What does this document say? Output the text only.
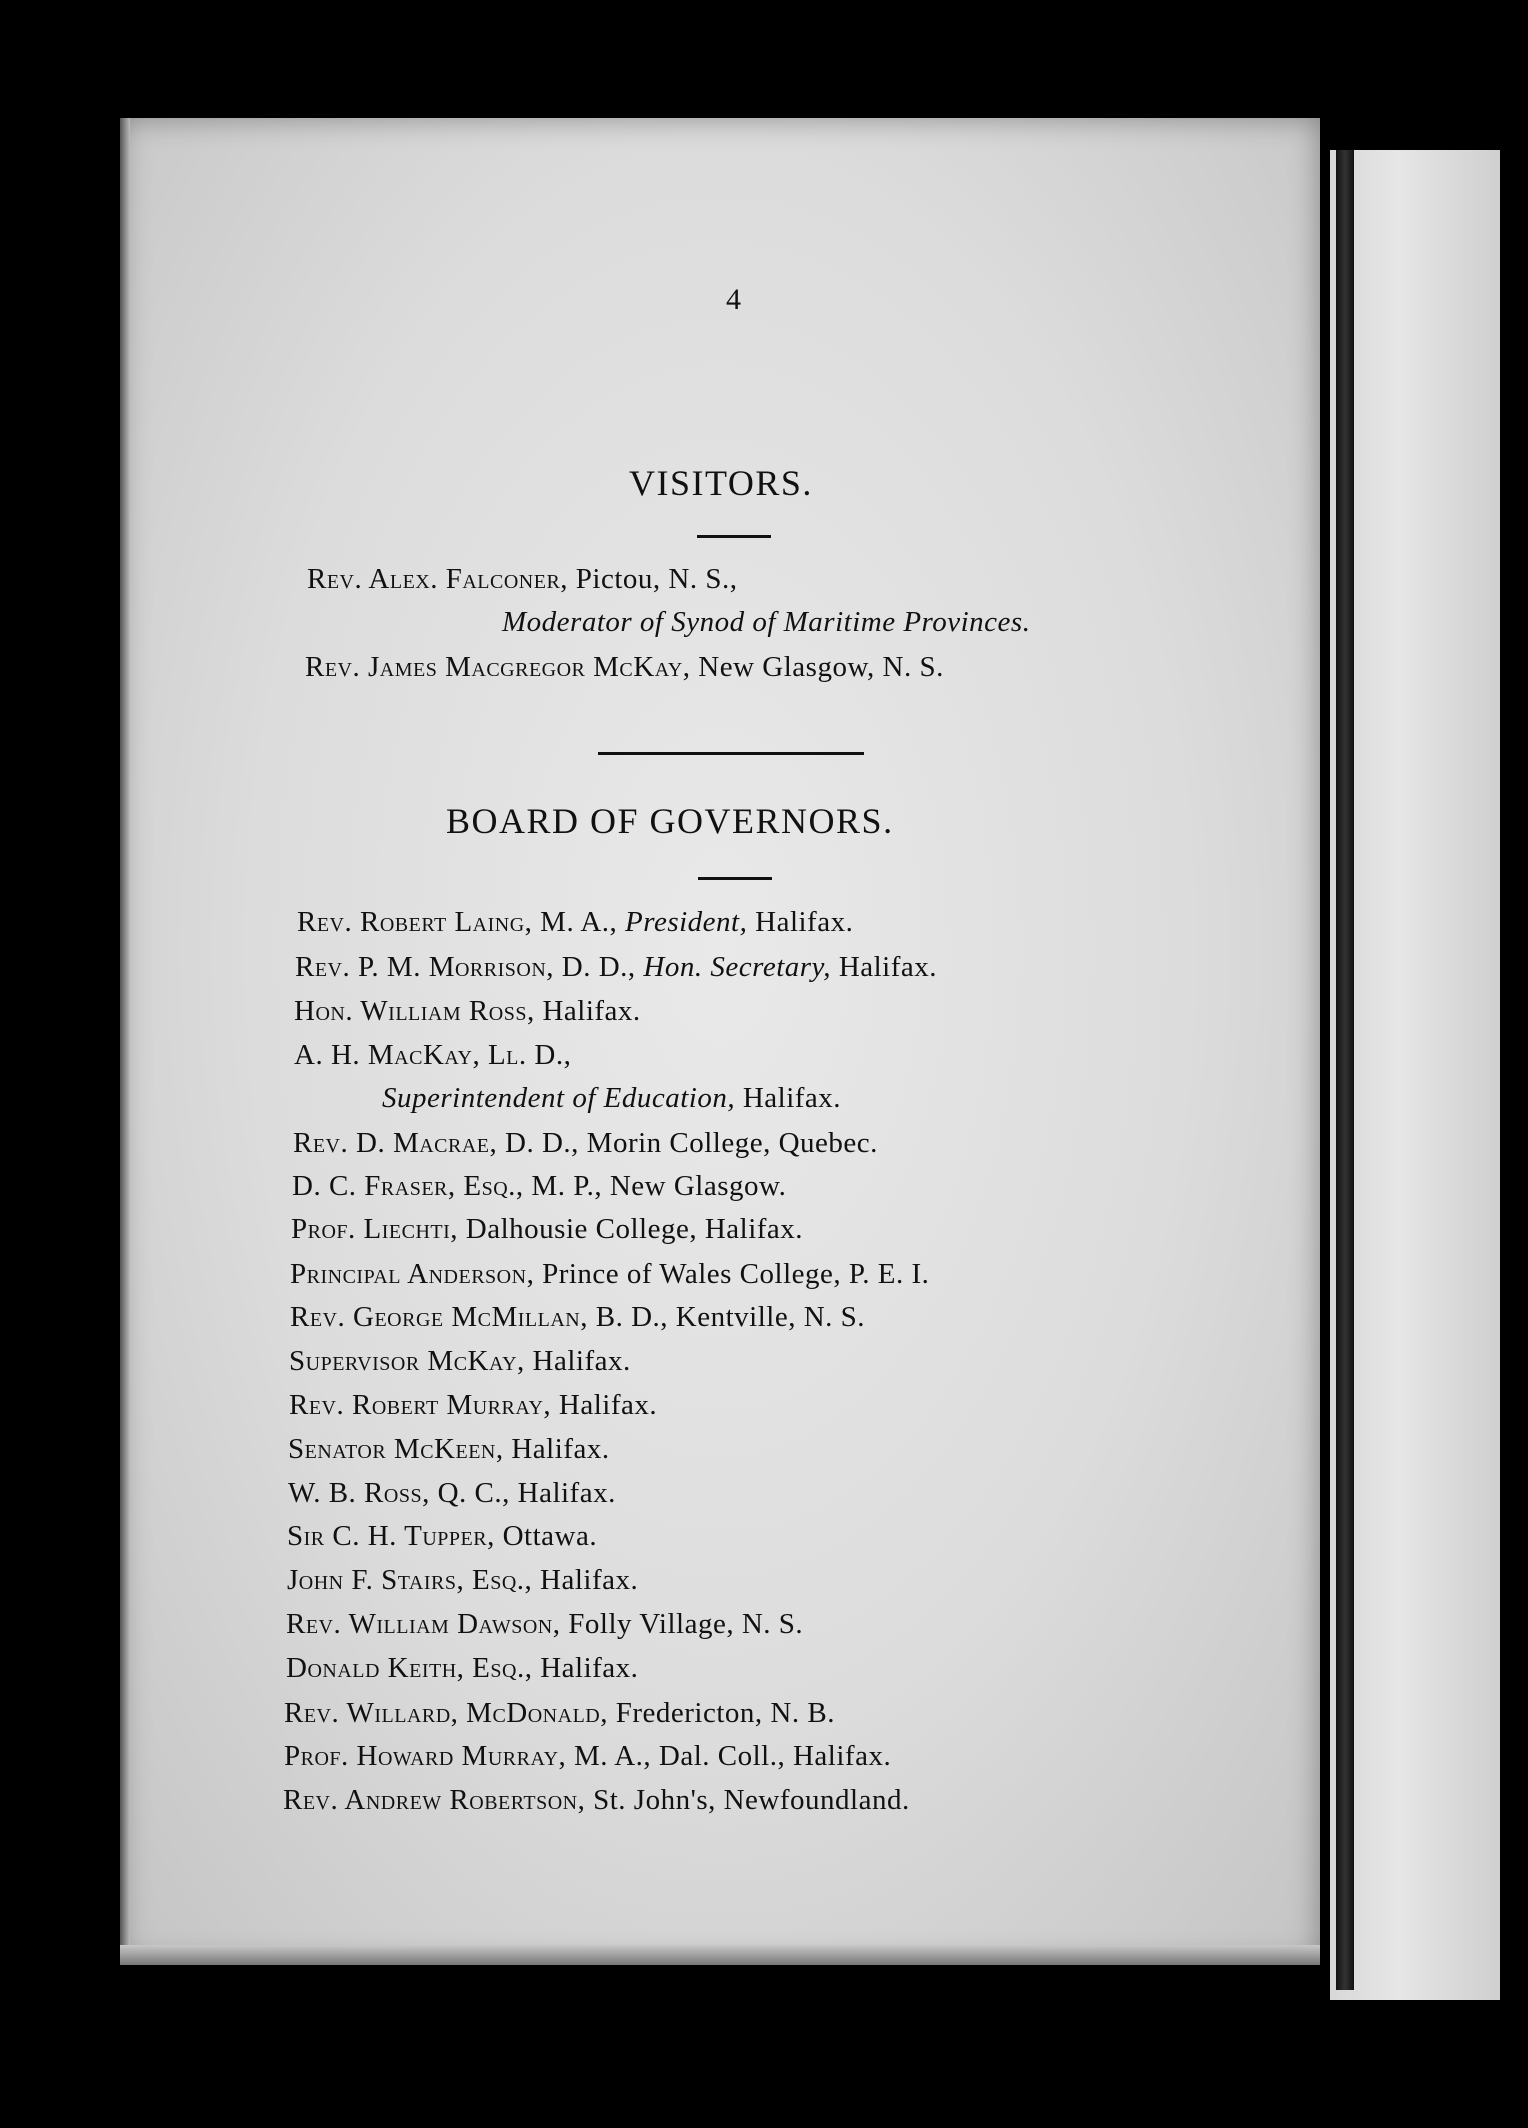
4

VISITORS.

Rev. Alex. Falconer, Pictou, N. S.,

Moderator of Synod of Maritime Provinces.

Rev. James Macgregor McKay, New Glasgow, N. S.

BOARD OF GOVERNORS.

Rev. Robert Laing, M. A., President, Halifax.

Rev. P. M. Morrison, D. D., Hon. Secretary, Halifax.

Hon. William Ross, Halifax.

A. H. MacKay, Ll. D.,

Superintendent of Education, Halifax.

Rev. D. Macrae, D. D., Morin College, Quebec.

D. C. Fraser, Esq., M. P., New Glasgow.

Prof. Liechti, Dalhousie College, Halifax.

Principal Anderson, Prince of Wales College, P. E. I.

Rev. George McMillan, B. D., Kentville, N. S.

Supervisor McKay, Halifax.

Rev. Robert Murray, Halifax.

Senator McKeen, Halifax.

W. B. Ross, Q. C., Halifax.

Sir C. H. Tupper, Ottawa.

John F. Stairs, Esq., Halifax.

Rev. William Dawson, Folly Village, N. S.

Donald Keith, Esq., Halifax.

Rev. Willard, McDonald, Fredericton, N. B.

Prof. Howard Murray, M. A., Dal. Coll., Halifax.

Rev. Andrew Robertson, St. John's, Newfoundland.
